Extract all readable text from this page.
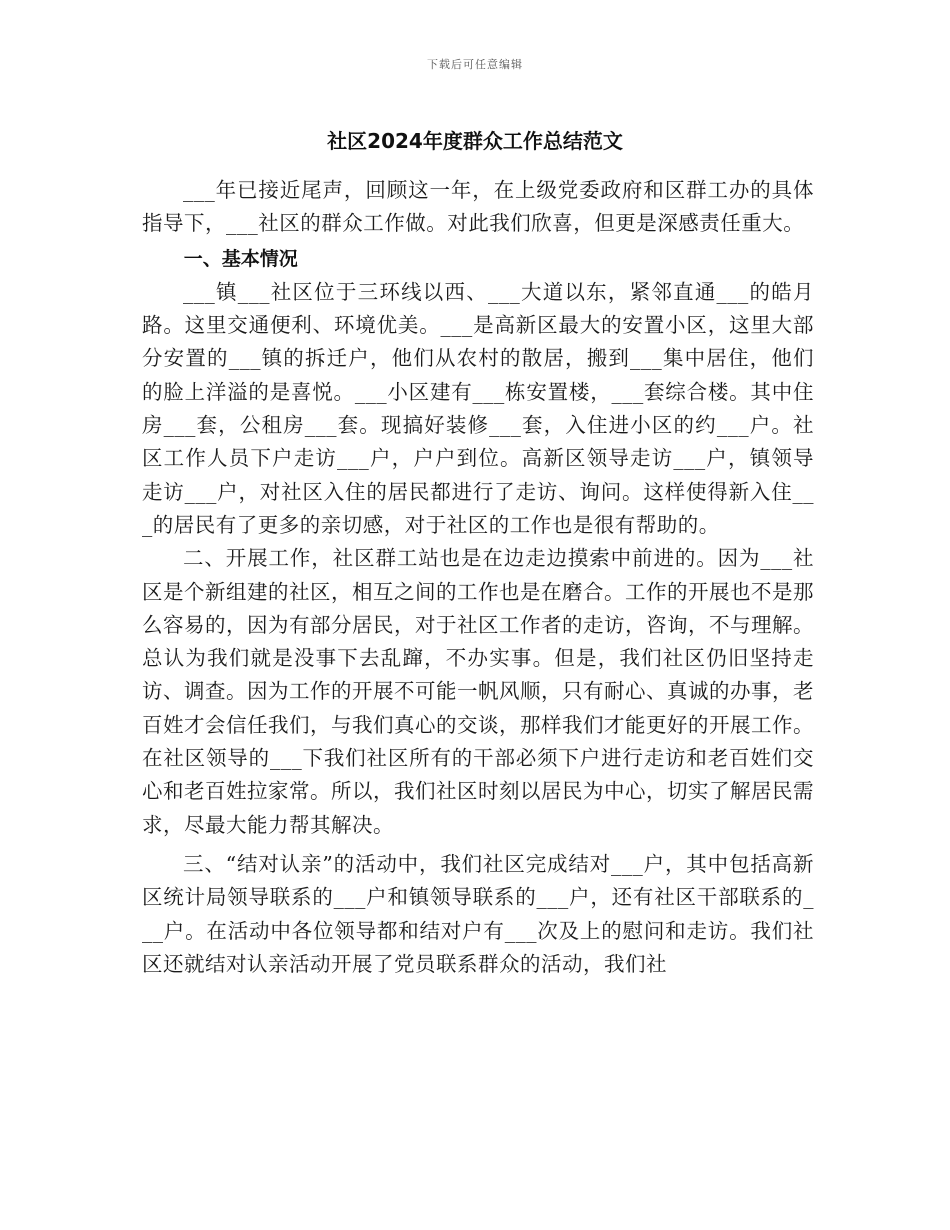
下载后可任意编辑
社区2024年度群众工作总结范文

___年已接近尾声，回顾这一年，在上级党委政府和区群工办的具体指导下，___社区的群众工作做。对此我们欣喜，但更是深感责任重大。

一、基本情况

___镇___社区位于三环线以西、___大道以东，紧邻直通___的皓月路。这里交通便利、环境优美。___是高新区最大的安置小区，这里大部分安置的___镇的拆迁户，他们从农村的散居，搬到___集中居住，他们的脸上洋溢的是喜悦。___小区建有___栋安置楼，___套综合楼。其中住房___套，公租房___套。现搞好装修___套，入住进小区的约___户。社区工作人员下户走访___户，户户到位。高新区领导走访___户，镇领导走访___户，对社区入住的居民都进行了走访、询问。这样使得新入住___的居民有了更多的亲切感，对于社区的工作也是很有帮助的。

二、开展工作，社区群工站也是在边走边摸索中前进的。因为___社区是个新组建的社区，相互之间的工作也是在磨合。工作的开展也不是那么容易的，因为有部分居民，对于社区工作者的走访，咨询，不与理解。总认为我们就是没事下去乱蹿，不办实事。但是，我们社区仍旧坚持走访、调查。因为工作的开展不可能一帆风顺，只有耐心、真诚的办事，老百姓才会信任我们，与我们真心的交谈，那样我们才能更好的开展工作。在社区领导的___下我们社区所有的干部必须下户进行走访和老百姓们交心和老百姓拉家常。所以，我们社区时刻以居民为中心，切实了解居民需求，尽最大能力帮其解决。

三、“结对认亲”的活动中，我们社区完成结对___户，其中包括高新区统计局领导联系的___户和镇领导联系的___户，还有社区干部联系的___户。在活动中各位领导都和结对户有___次及上的慰问和走访。我们社区还就结对认亲活动开展了党员联系群众的活动，我们社
